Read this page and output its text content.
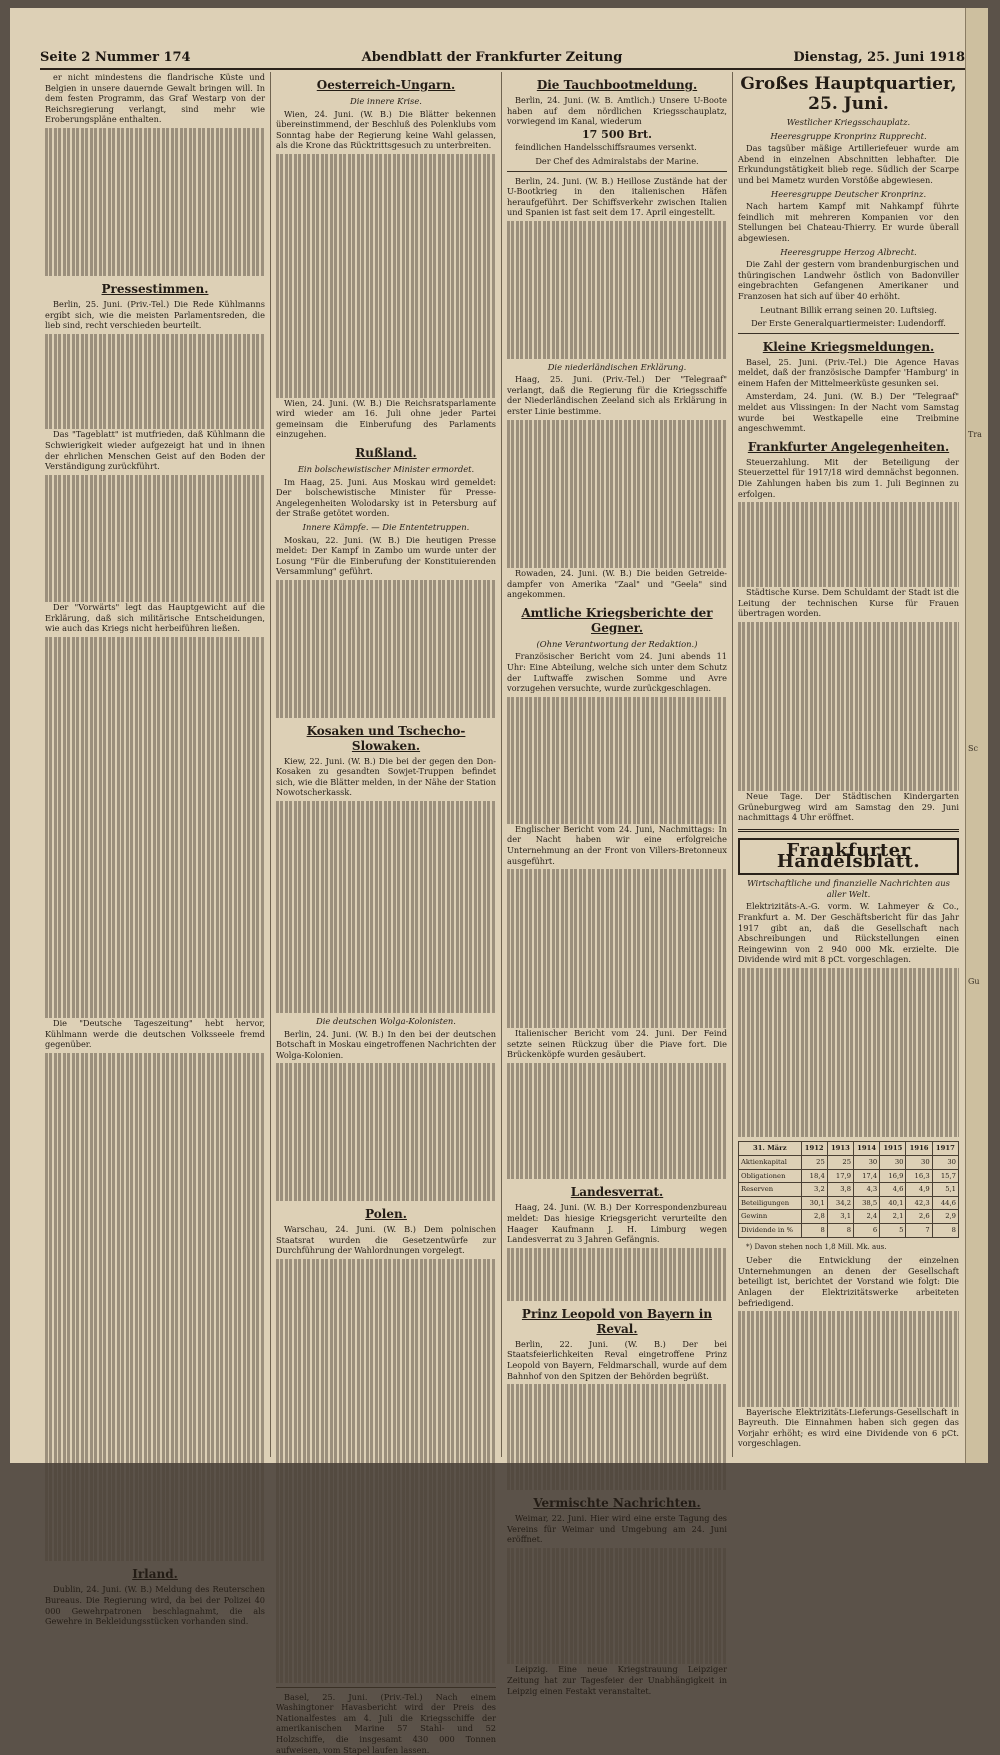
Tra
Sc
Gu
Seite 2 Nummer 174	Abendblatt der Frankfurter Zeitung	Dienstag, 25. Juni 1918

er nicht mindestens die flandrische Küste und Belgien in unsere dauernde Gewalt bringen will. In dem festen Programm, das Graf Westarp von der Reichsregierung verlangt, sind mehr wie Eroberungspläne enthalten.

Pressestimmen.

Berlin, 25. Juni. (Priv.-Tel.) Die Rede Kühlmanns ergibt sich, wie die meisten Parlamentsreden, die lieb sind, recht verschieden beurteilt.

Das "Tageblatt" ist mutfrieden, daß Kühlmann die Schwierigkeit wieder aufgezeigt hat und in ihnen der ehrlichen Menschen Geist auf den Boden der Verständigung zurückführt.

Der "Vorwärts" legt das Hauptgewicht auf die Erklärung, daß sich militärische Entscheidungen, wie auch das Kriegs nicht herbeiführen ließen.

Die "Deutsche Tageszeitung" hebt hervor, Kühlmann werde die deutschen Volksseele fremd gegenüber.

Irland.

Dublin, 24. Juni. (W. B.) Meldung des Reuterschen Bureaus. Die Regierung wird, da bei der Polizei 40 000 Gewehrpatronen beschlagnahmt, die als Gewehre in Bekleidungsstücken vorhanden sind.

Oesterreich-Ungarn.
Die innere Krise.

Wien, 24. Juni. (W. B.) Die Blätter bekennen übereinstimmend, der Beschluß des Polenklubs vom Sonntag habe der Regierung keine Wahl gelassen, als die Krone das Rücktrittsgesuch zu unterbreiten.

Wien, 24. Juni. (W. B.) Die Reichsratsparlamente wird wieder am 16. Juli ohne jeder Partei gemeinsam die Einberufung des Parlaments einzugehen.

Rußland.
Ein bolschewistischer Minister ermordet.

Im Haag, 25. Juni. Aus Moskau wird gemeldet: Der bolschewistische Minister für Presse-Angelegenheiten Wolodarsky ist in Petersburg auf der Straße getötet worden.

Innere Kämpfe. — Die Ententetruppen.

Moskau, 22. Juni. (W. B.) Die heutigen Presse meldet: Der Kampf in Zambo um wurde unter der Losung "Für die Einberufung der Konstituierenden Versammlung" geführt.

Kosaken und Tschecho-Slowaken.

Kiew, 22. Juni. (W. B.) Die bei der gegen den Don-Kosaken zu gesandten Sowjet-Truppen befindet sich, wie die Blätter melden, in der Nähe der Station Nowotscherkassk.

Die deutschen Wolga-Kolonisten.

Berlin, 24. Juni. (W. B.) In den bei der deutschen Botschaft in Moskau eingetroffenen Nachrichten der Wolga-Kolonien.

Polen.

Warschau, 24. Juni. (W. B.) Dem polnischen Staatsrat wurden die Gesetzentwürfe zur Durchführung der Wahlordnungen vorgelegt.

Basel, 25. Juni. (Priv.-Tel.) Nach einem Washingtoner Havasbericht wird der Preis des Nationalfestes am 4. Juli die Kriegsschiffe der amerikanischen Marine 57 Stahl- und 52 Holzschiffe, die insgesamt 430 000 Tonnen aufweisen, vom Stapel laufen lassen.

Die Tauchbootmeldung.

Berlin, 24. Juni. (W. B. Amtlich.) Unsere U-Boote haben auf dem nördlichen Kriegsschauplatz, vorwiegend im Kanal, wiederum

17 500 Brt.

feindlichen Handelsschiffsraumes versenkt.

Der Chef des Admiralstabs der Marine.

Berlin, 24. Juni. (W. B.) Heillose Zustände hat der U-Bootkrieg in den italienischen Häfen heraufgeführt. Der Schiffsverkehr zwischen Italien und Spanien ist fast seit dem 17. April eingestellt.

Die niederländischen Erklärung.

Haag, 25. Juni. (Priv.-Tel.) Der "Telegraaf" verlangt, daß die Regierung für die Kriegsschiffe der Niederländischen Zeeland sich als Erklärung in erster Linie bestimme.

Rowaden, 24. Juni. (W. B.) Die beiden Getreide-dampfer von Amerika "Zaal" und "Geela" sind angekommen.

Amtliche Kriegsberichte der Gegner.
(Ohne Verantwortung der Redaktion.)

Französischer Bericht vom 24. Juni abends 11 Uhr: Eine Abteilung, welche sich unter dem Schutz der Luftwaffe zwischen Somme und Avre vorzugehen versuchte, wurde zurückgeschlagen.

Englischer Bericht vom 24. Juni, Nachmittags: In der Nacht haben wir eine erfolgreiche Unternehmung an der Front von Villers-Bretonneux ausgeführt.

Italienischer Bericht vom 24. Juni. Der Feind setzte seinen Rückzug über die Piave fort. Die Brückenköpfe wurden gesäubert.

Landesverrat.

Haag, 24. Juni. (W. B.) Der Korrespondenzbureau meldet: Das hiesige Kriegsgericht verurteilte den Haager Kaufmann J. H. Limburg wegen Landesverrat zu 3 Jahren Gefängnis.

Prinz Leopold von Bayern in Reval.

Berlin, 22. Juni. (W. B.) Der bei Staatsfeierlichkeiten Reval eingetroffene Prinz Leopold von Bayern, Feldmarschall, wurde auf dem Bahnhof von den Spitzen der Behörden begrüßt.

Vermischte Nachrichten.

Weimar, 22. Juni. Hier wird eine erste Tagung des Vereins für Weimar und Umgebung am 24. Juni eröffnet.

Leipzig. Eine neue Kriegstrauung Leipziger Zeitung hat zur Tagesfeier der Unabhängigkeit in Leipzig einen Festakt veranstaltet.

Großes Hauptquartier, 25. Juni.
Westlicher Kriegsschauplatz.
Heeresgruppe Kronprinz Rupprecht.

Das tagsüber mäßige Artilleriefeuer wurde am Abend in einzelnen Abschnitten lebhafter. Die Erkundungstätigkeit blieb rege. Südlich der Scarpe und bei Mametz wurden Vorstöße abgewiesen.

Heeresgruppe Deutscher Kronprinz.

Nach hartem Kampf mit Nahkampf führte feindlich mit mehreren Kompanien vor den Stellungen bei Chateau-Thierry. Er wurde überall abgewiesen.

Heeresgruppe Herzog Albrecht.

Die Zahl der gestern vom brandenburgischen und thüringischen Landwehr östlich von Badonviller eingebrachten Gefangenen Amerikaner und Franzosen hat sich auf über 40 erhöht.

Leutnant Billik errang seinen 20. Luftsieg.

Der Erste Generalquartiermeister: Ludendorff.

Kleine Kriegsmeldungen.

Basel, 25. Juni. (Priv.-Tel.) Die Agence Havas meldet, daß der französische Dampfer 'Hamburg' in einem Hafen der Mittelmeerküste gesunken sei.

Amsterdam, 24. Juni. (W. B.) Der "Telegraaf" meldet aus Vlissingen: In der Nacht vom Samstag wurde bei Westkapelle eine Treibmine angeschwemmt.

Frankfurter Angelegenheiten.

Steuerzahlung. Mit der Beteiligung der Steuerzettel für 1917/18 wird demnächst begonnen. Die Zahlungen haben bis zum 1. Juli Beginnen zu erfolgen.

Städtische Kurse. Dem Schuldamt der Stadt ist die Leitung der technischen Kurse für Frauen übertragen worden.

Neue Tage. Der Städtischen Kindergarten Grüneburgweg wird am Samstag den 29. Juni nachmittags 4 Uhr eröffnet.

Frankfurter Handelsblatt.
Wirtschaftliche und finanzielle Nachrichten aus aller Welt.

Elektrizitäts-A.-G. vorm. W. Lahmeyer & Co., Frankfurt a. M. Der Geschäftsbericht für das Jahr 1917 gibt an, daß die Gesellschaft nach Abschreibungen und Rückstellungen einen Reingewinn von 2 940 000 Mk. erzielte. Die Dividende wird mit 8 pCt. vorgeschlagen.

31. März	1912	1913	1914	1915	1916	1917
Aktienkapital	25	25	30	30	30	30
Obligationen	18,4	17,9	17,4	16,9	16,3	15,7
Reserven	3,2	3,8	4,3	4,6	4,9	5,1
Beteiligungen	30,1	34,2	38,5	40,1	42,3	44,6
Gewinn	2,8	3,1	2,4	2,1	2,6	2,9
Dividende in %	8	8	6	5	7	8

*) Davon stehen noch 1,8 Mill. Mk. aus.

Ueber die Entwicklung der einzelnen Unternehmungen an denen der Gesellschaft beteiligt ist, berichtet der Vorstand wie folgt: Die Anlagen der Elektrizitätswerke arbeiteten befriedigend.

Bayerische Elektrizitäts-Lieferungs-Gesellschaft in Bayreuth. Die Einnahmen haben sich gegen das Vorjahr erhöht; es wird eine Dividende von 6 pCt. vorgeschlagen.
